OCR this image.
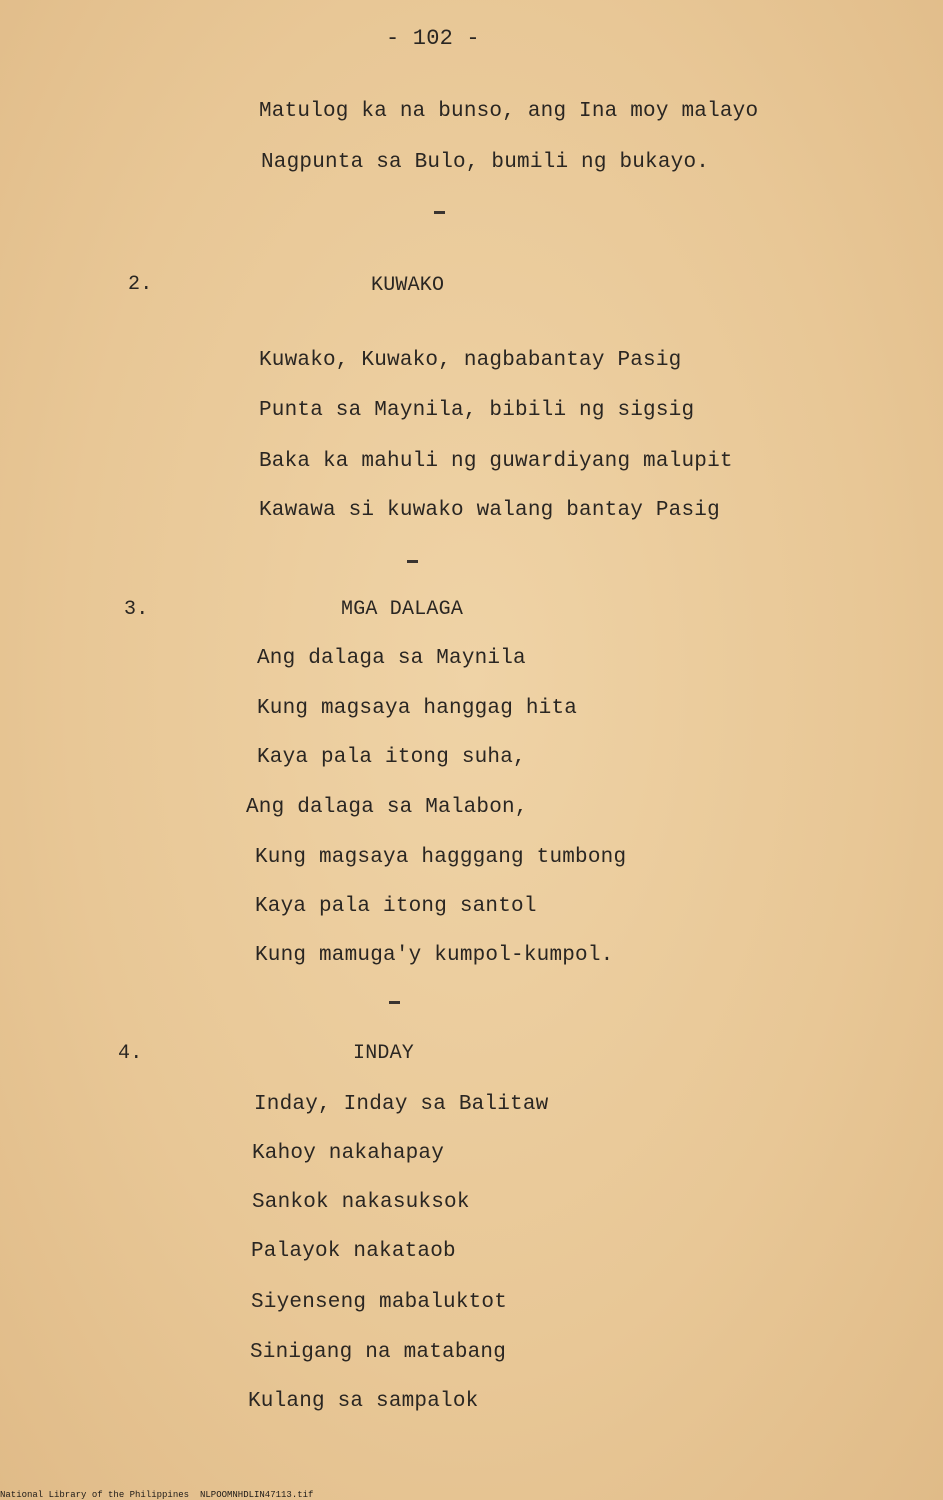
- 102 -
Matulog ka na bunso, ang Ina moy malayo
Nagpunta sa Bulo, bumili ng bukayo.
2.	KUWAKO
Kuwako, Kuwako, nagbabantay Pasig
Punta sa Maynila, bibili ng sigsig
Baka ka mahuli ng guwardiyang malupit
Kawawa si kuwako walang bantay Pasig
3.	MGA DALAGA
Ang dalaga sa Maynila
Kung magsaya hanggag hita
Kaya pala itong suha,
Ang dalaga sa Malabon,
Kung magsaya hagggang tumbong
Kaya pala itong santol
Kung mamuga'y kumpol-kumpol.
4.	INDAY
Inday, Inday sa Balitaw
Kahoy nakahapay
Sankok nakasuksok
Palayok nakataob
Siyenseng mabaluktot
Sinigang na matabang
Kulang sa sampalok
National Library of the Philippines NLPOOMNHDLIN47113.tif
